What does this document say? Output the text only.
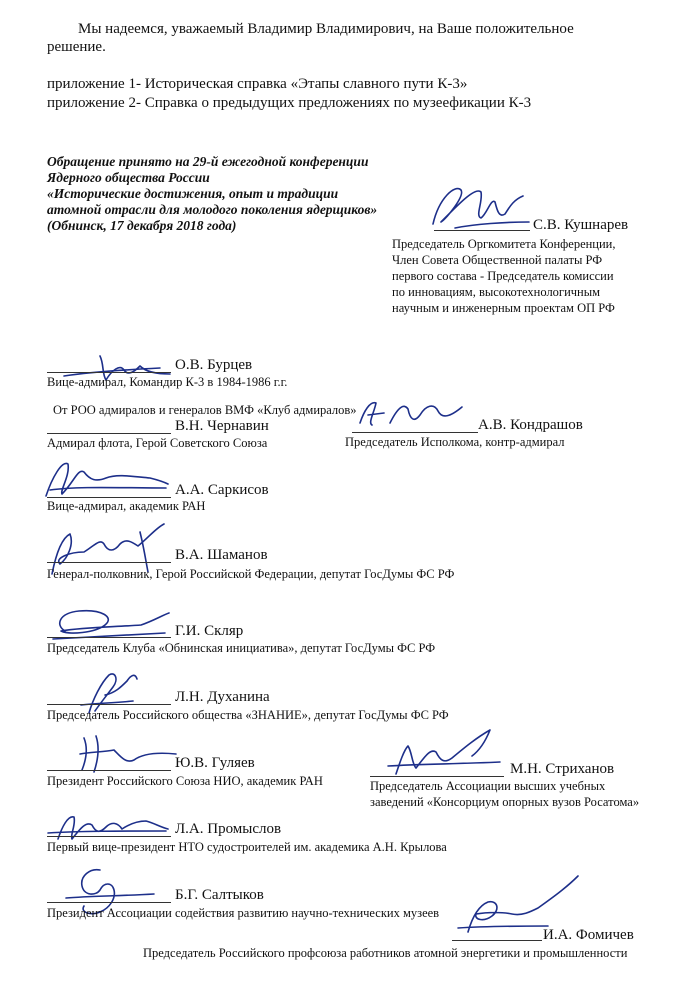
Мы надеемся, уважаемый Владимир Владимирович, на Ваше положительное
решение.
приложение 1- Историческая справка «Этапы славного пути К-3»
приложение 2- Справка о предыдущих предложениях по музеефикации К-3
Обращение принято на 29-й ежегодной конференции
Ядерного общества России
«Исторические достижения, опыт и традиции
атомной отрасли для молодого поколения ядерщиков»
(Обнинск, 17 декабря 2018 года)	С.В. Кушнарев
Председатель Оргкомитета Конференции,
Член Совета Общественной палаты РФ
первого состава - Председатель комиссии
по инновациям, высокотехнологичным
научным и инженерным проектам ОП РФ
О.В. Бурцев
Вице-адмирал, Командир К-3 в 1984-1986 г.г.
От РОО адмиралов и генералов ВМФ «Клуб адмиралов»
В.Н. Чернавин
Адмирал флота, Герой Советского Союза
А.В. Кондрашов
Председатель Исполкома, контр-адмирал
А.А. Саркисов
Вице-адмирал, академик РАН
В.А. Шаманов
Генерал-полковник, Герой Российской Федерации, депутат ГосДумы ФС РФ
Г.И. Скляр
Председатель Клуба «Обнинская инициатива», депутат ГосДумы ФС РФ
Л.Н. Духанина
Председатель Российского общества «ЗНАНИЕ», депутат ГосДумы ФС РФ
Ю.В. Гуляев
Президент Российского Союза НИО, академик РАН
М.Н. Стриханов
Председатель Ассоциации высших учебных
заведений «Консорциум опорных вузов Росатома»
Л.А. Промыслов
Первый вице-президент НТО судостроителей им. академика А.Н. Крылова
Б.Г. Салтыков
Президент Ассоциации содействия развитию научно-технических музеев
И.А. Фомичев
Председатель Российского профсоюза работников атомной энергетики и промышленности
